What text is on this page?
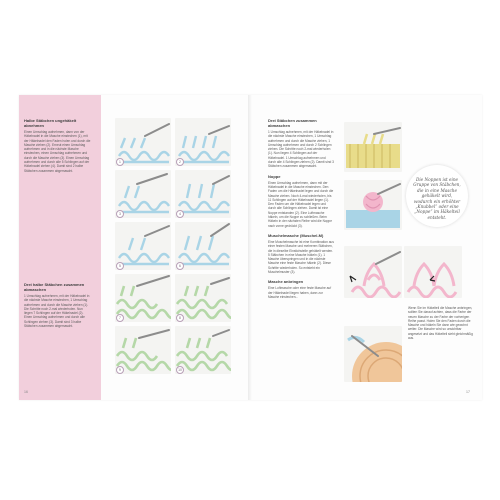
Halbe Stäbchen ungehäkelt abnehmen
Einen Umschlag aufnehmen, dann von der Häkelnadel in die Masche einstechen (1), mit der Häkelnadel den Faden holen und durch die Masche ziehen (2). Erneut einen Umschlag aufnehmen und in die nächste Masche einstechen, einen Umschlag aufnehmen und durch die Masche ziehen (3). Einen Umschlag aufnehmen und durch alle 5 Schlingen auf der Häkelnadel ziehen (4). Damit sind 2 halbe Stäbchen zusammen abgemascht.
Drei halbe Stäbchen zusammen abmaschen
1 Umschlag aufnehmen, mit der Häkelnadel in die nächste Masche einstechen, 1 Umschlag aufnehmen und durch die Masche ziehen (1). Die Schritte noch 2-mal wiederholen. Nun liegen 7 Schlingen auf der Häkelnadel (2). Einen Umschlag aufnehmen und durch alle Schlingen ziehen (3). Damit sind 3 halbe Stäbchen zusammen abgemascht.
16
1	2
3	4
5	6
7	8
9	10
Drei Stäbchen zusammen abmaschen
1 Umschlag aufnehmen, mit der Häkelnadel in die nächste Masche einstechen, 1 Umschlag aufnehmen und durch die Masche ziehen, 1 Umschlag aufnehmen und durch 2 Schlingen ziehen. Die Schritte noch 2-mal wiederholen (1). Nun liegen 4 Schlingen auf der Häkelnadel. 1 Umschlag aufnehmen und durch alle 4 Schlingen ziehen (2). Damit sind 3 Stäbchen zusammen abgemascht.
Noppe
Einen Umschlag aufnehmen, dann mit der Häkelnadel in die Masche einstechen. Den Faden um die Häkelnadel legen und durch die Masche ziehen. Noch 4-mal wiederholen, bis 11 Schlingen auf der Häkelnadel liegen (1). Den Faden um die Häkelnadel legen und durch alle Schlingen ziehen. Damit ist eine Noppe entstanden (2). Eine Luftmasche häkeln, um die Noppe zu schließen. Beim Häkeln in der nächsten Reihe wird die Noppe nach vorne gedrückt (3).
Muschelmasche (Muschel-M)
Eine Muschelmasche ist eine Kombination aus einer festen Masche und mehreren Stäbchen, die in dieselbe Einstichstelle gehäkelt werden. 5 Stäbchen in eine Masche häkeln (1). 1 Masche überspringen und in die nächste Masche eine feste Masche häkeln (2). Diese Schritte wiederholen. So entsteht ein Muschelmuster (3).
Masche anbringen
Eine Luftmasche oder eine feste Masche auf der Häkelnadel liegen haben, dann zur Masche einstechen...
Die Noppen ist eine Gruppe von Stäbchen, die in eine Masche gehäkelt wird, wodurch ein erhöhter „Knubbel“ oder eine „Noppe“ im Häkelteil entsteht.
Wenn Sie im Häkelteil die Masche anbringen, sollten Sie darauf achten, dass die Farbe der neuen Masche zu der Farbe der vorherigen Reihe passt. Holen Sie den Faden durch die Masche und häkeln Sie dann wie gewohnt weiter. Die Masche wird so unsichtbar angesetzt und das Häkelteil sieht gleichmäßig aus.
17
